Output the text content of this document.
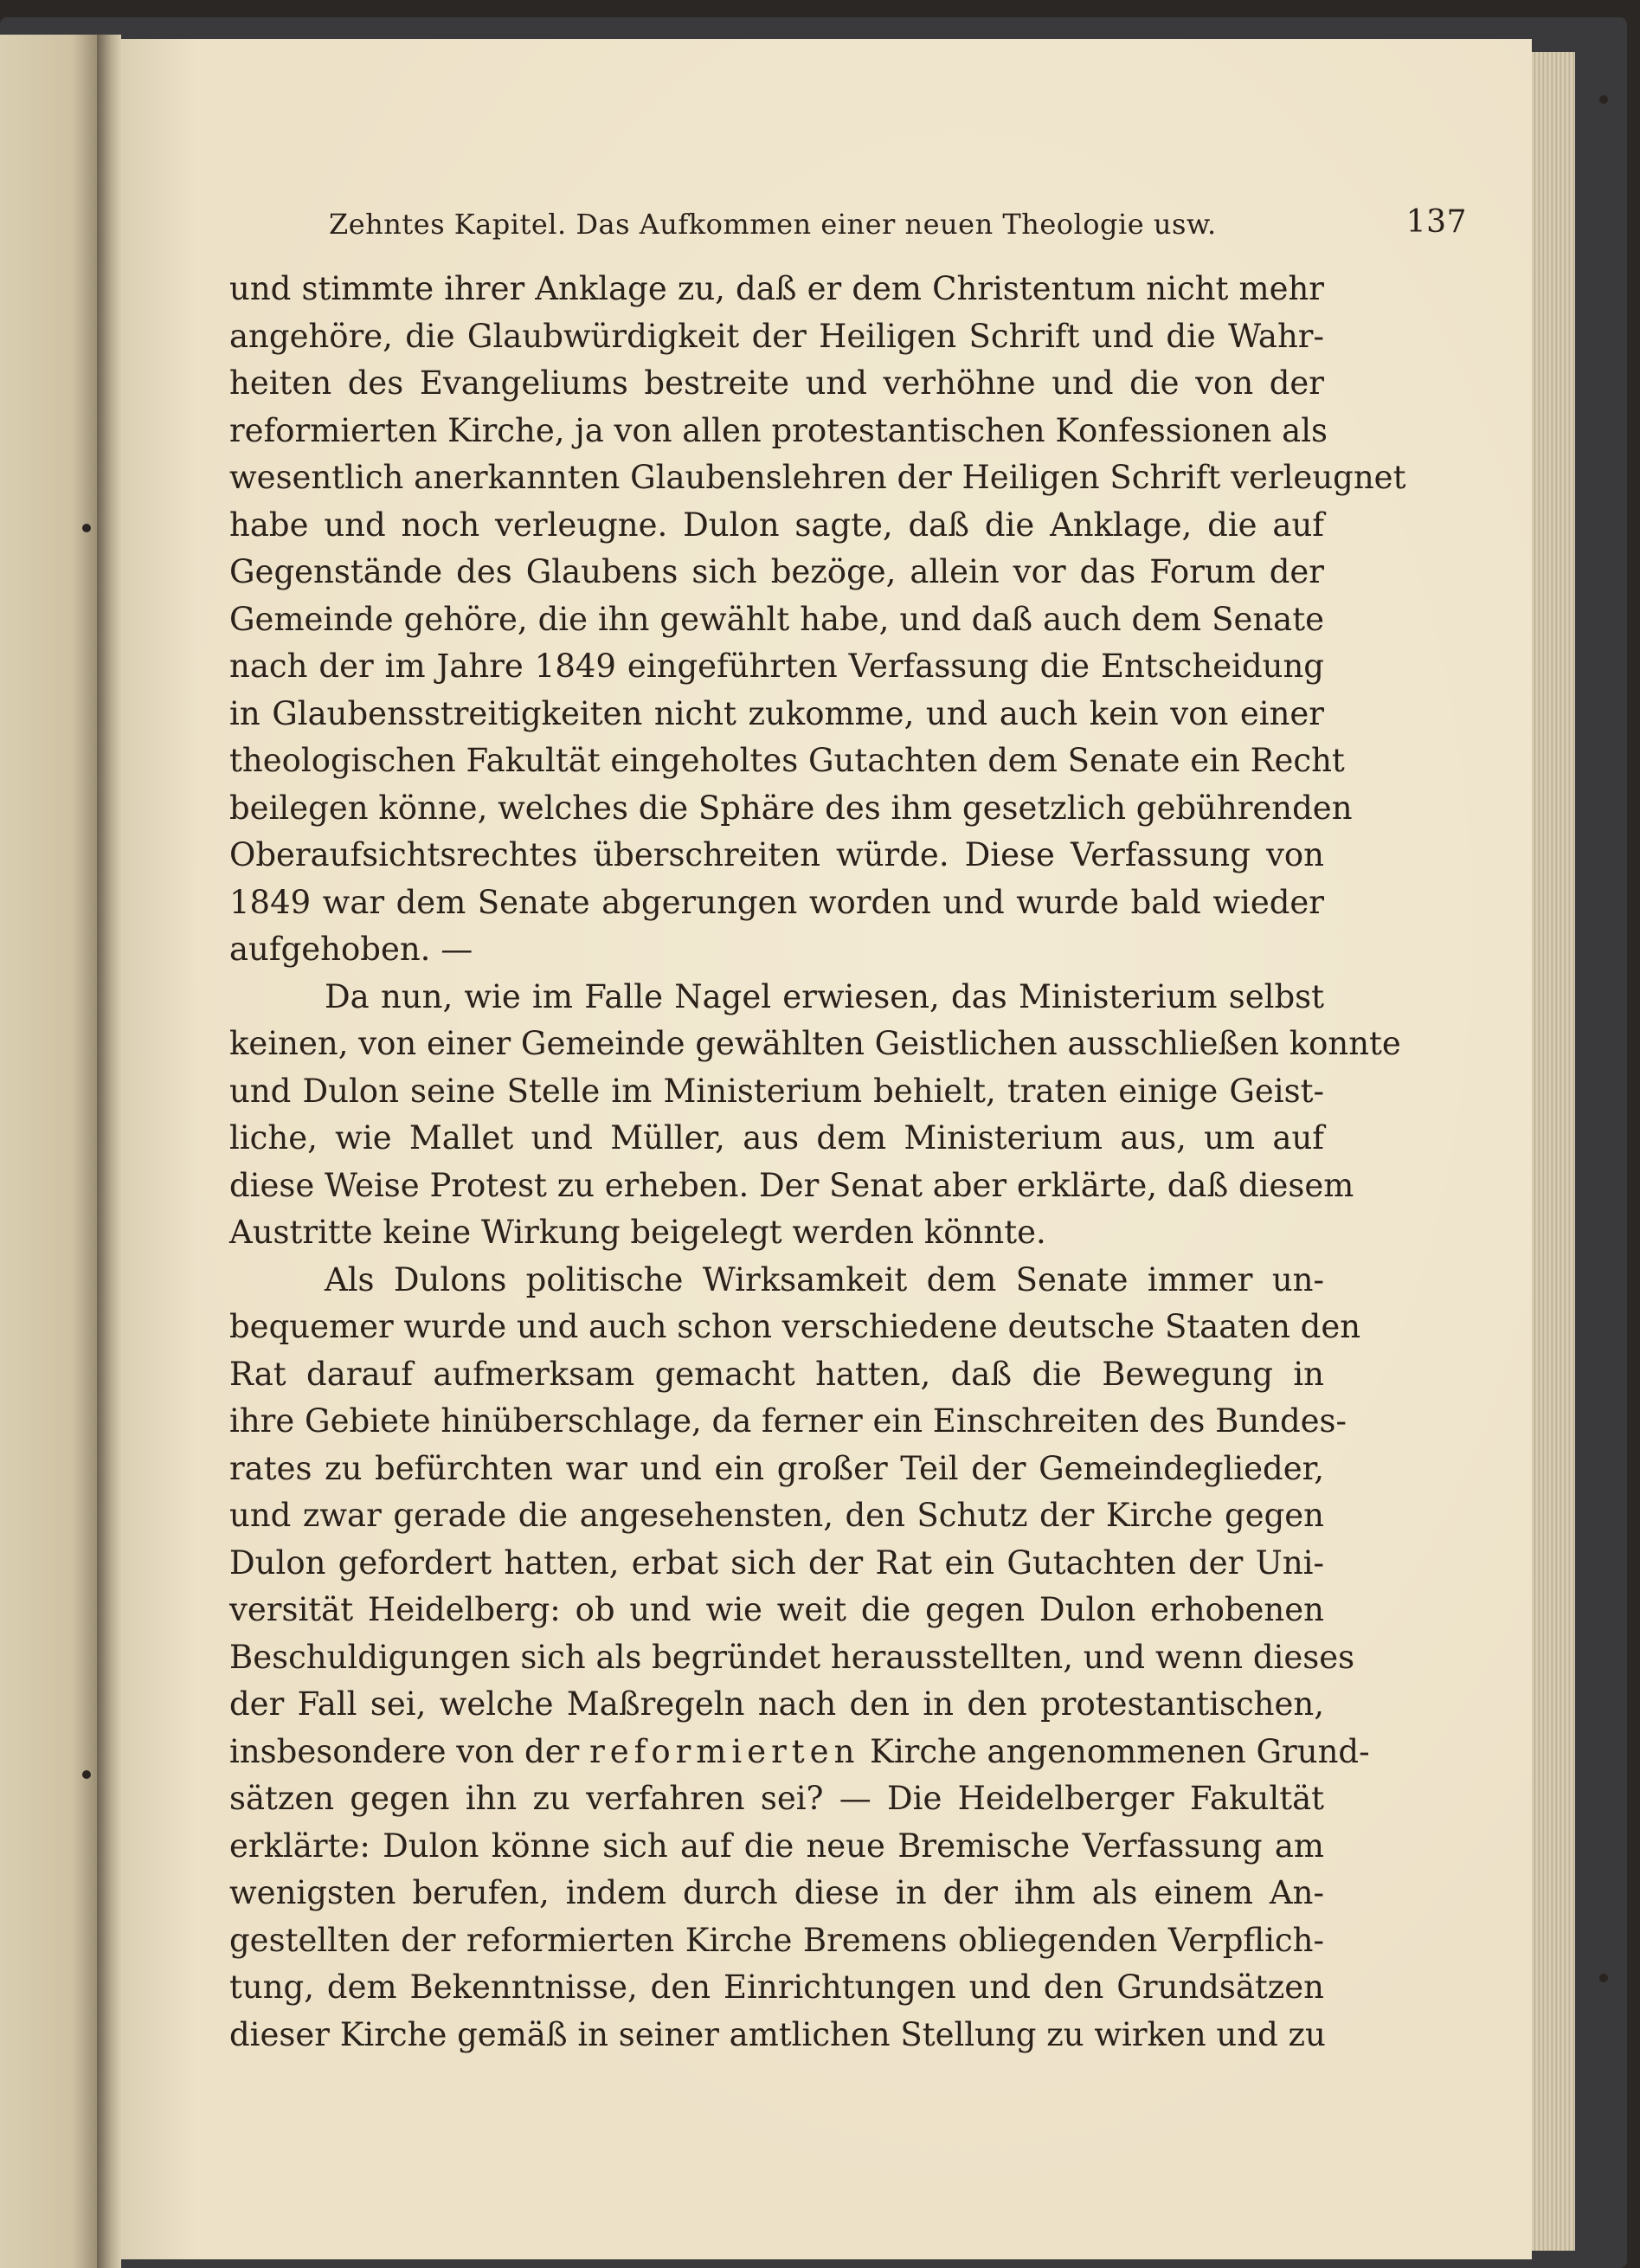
Zehntes Kapitel. Das Aufkommen einer neuen Theologie usw.	137
und stimmte ihrer Anklage zu, daß er dem Christentum nicht mehr
angehöre, die Glaubwürdigkeit der Heiligen Schrift und die Wahr-
heiten des Evangeliums bestreite und verhöhne und die von der
reformierten Kirche, ja von allen protestantischen Konfessionen als
wesentlich anerkannten Glaubenslehren der Heiligen Schrift verleugnet
habe und noch verleugne. Dulon sagte, daß die Anklage, die auf
Gegenstände des Glaubens sich bezöge, allein vor das Forum der
Gemeinde gehöre, die ihn gewählt habe, und daß auch dem Senate
nach der im Jahre 1849 eingeführten Verfassung die Entscheidung
in Glaubensstreitigkeiten nicht zukomme, und auch kein von einer
theologischen Fakultät eingeholtes Gutachten dem Senate ein Recht
beilegen könne, welches die Sphäre des ihm gesetzlich gebührenden
Oberaufsichtsrechtes überschreiten würde. Diese Verfassung von
1849 war dem Senate abgerungen worden und wurde bald wieder
aufgehoben. —
Da nun, wie im Falle Nagel erwiesen, das Ministerium selbst
keinen, von einer Gemeinde gewählten Geistlichen ausschließen konnte
und Dulon seine Stelle im Ministerium behielt, traten einige Geist-
liche, wie Mallet und Müller, aus dem Ministerium aus, um auf
diese Weise Protest zu erheben. Der Senat aber erklärte, daß diesem
Austritte keine Wirkung beigelegt werden könnte.
Als Dulons politische Wirksamkeit dem Senate immer un-
bequemer wurde und auch schon verschiedene deutsche Staaten den
Rat darauf aufmerksam gemacht hatten, daß die Bewegung in
ihre Gebiete hinüberschlage, da ferner ein Einschreiten des Bundes-
rates zu befürchten war und ein großer Teil der Gemeindeglieder,
und zwar gerade die angesehensten, den Schutz der Kirche gegen
Dulon gefordert hatten, erbat sich der Rat ein Gutachten der Uni-
versität Heidelberg: ob und wie weit die gegen Dulon erhobenen
Beschuldigungen sich als begründet herausstellten, und wenn dieses
der Fall sei, welche Maßregeln nach den in den protestantischen,
insbesondere von der reformierten Kirche angenommenen Grund-
sätzen gegen ihn zu verfahren sei? — Die Heidelberger Fakultät
erklärte: Dulon könne sich auf die neue Bremische Verfassung am
wenigsten berufen, indem durch diese in der ihm als einem An-
gestellten der reformierten Kirche Bremens obliegenden Verpflich-
tung, dem Bekenntnisse, den Einrichtungen und den Grundsätzen
dieser Kirche gemäß in seiner amtlichen Stellung zu wirken und zu
